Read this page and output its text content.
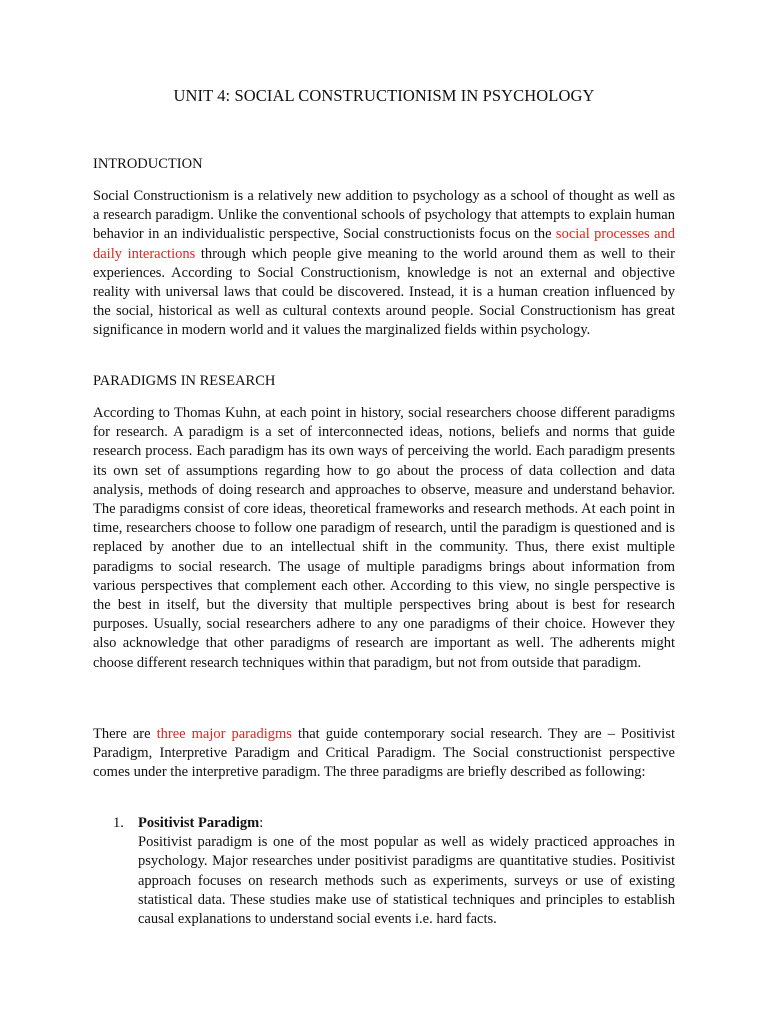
UNIT 4: SOCIAL CONSTRUCTIONISM IN PSYCHOLOGY
INTRODUCTION

Social Constructionism is a relatively new addition to psychology as a school of thought as well as a research paradigm. Unlike the conventional schools of psychology that attempts to explain human behavior in an individualistic perspective, Social constructionists focus on the social processes and daily interactions through which people give meaning to the world around them as well to their experiences. According to Social Constructionism, knowledge is not an external and objective reality with universal laws that could be discovered. Instead, it is a human creation influenced by the social, historical as well as cultural contexts around people. Social Constructionism has great significance in modern world and it values the marginalized fields within psychology.

PARADIGMS IN RESEARCH

According to Thomas Kuhn, at each point in history, social researchers choose different paradigms for research. A paradigm is a set of interconnected ideas, notions, beliefs and norms that guide research process. Each paradigm has its own ways of perceiving the world. Each paradigm presents its own set of assumptions regarding how to go about the process of data collection and data analysis, methods of doing research and approaches to observe, measure and understand behavior. The paradigms consist of core ideas, theoretical frameworks and research methods. At each point in time, researchers choose to follow one paradigm of research, until the paradigm is questioned and is replaced by another due to an intellectual shift in the community. Thus, there exist multiple paradigms to social research. The usage of multiple paradigms brings about information from various perspectives that complement each other. According to this view, no single perspective is the best in itself, but the diversity that multiple perspectives bring about is best for research purposes. Usually, social researchers adhere to any one paradigms of their choice. However they also acknowledge that other paradigms of research are important as well. The adherents might choose different research techniques within that paradigm, but not from outside that paradigm.

There are three major paradigms that guide contemporary social research. They are – Positivist Paradigm, Interpretive Paradigm and Critical Paradigm. The Social constructionist perspective comes under the interpretive paradigm. The three paradigms are briefly described as following:

1. Positivist Paradigm:

Positivist paradigm is one of the most popular as well as widely practiced approaches in psychology. Major researches under positivist paradigms are quantitative studies. Positivist approach focuses on research methods such as experiments, surveys or use of existing statistical data. These studies make use of statistical techniques and principles to establish causal explanations to understand social events i.e. hard facts.
